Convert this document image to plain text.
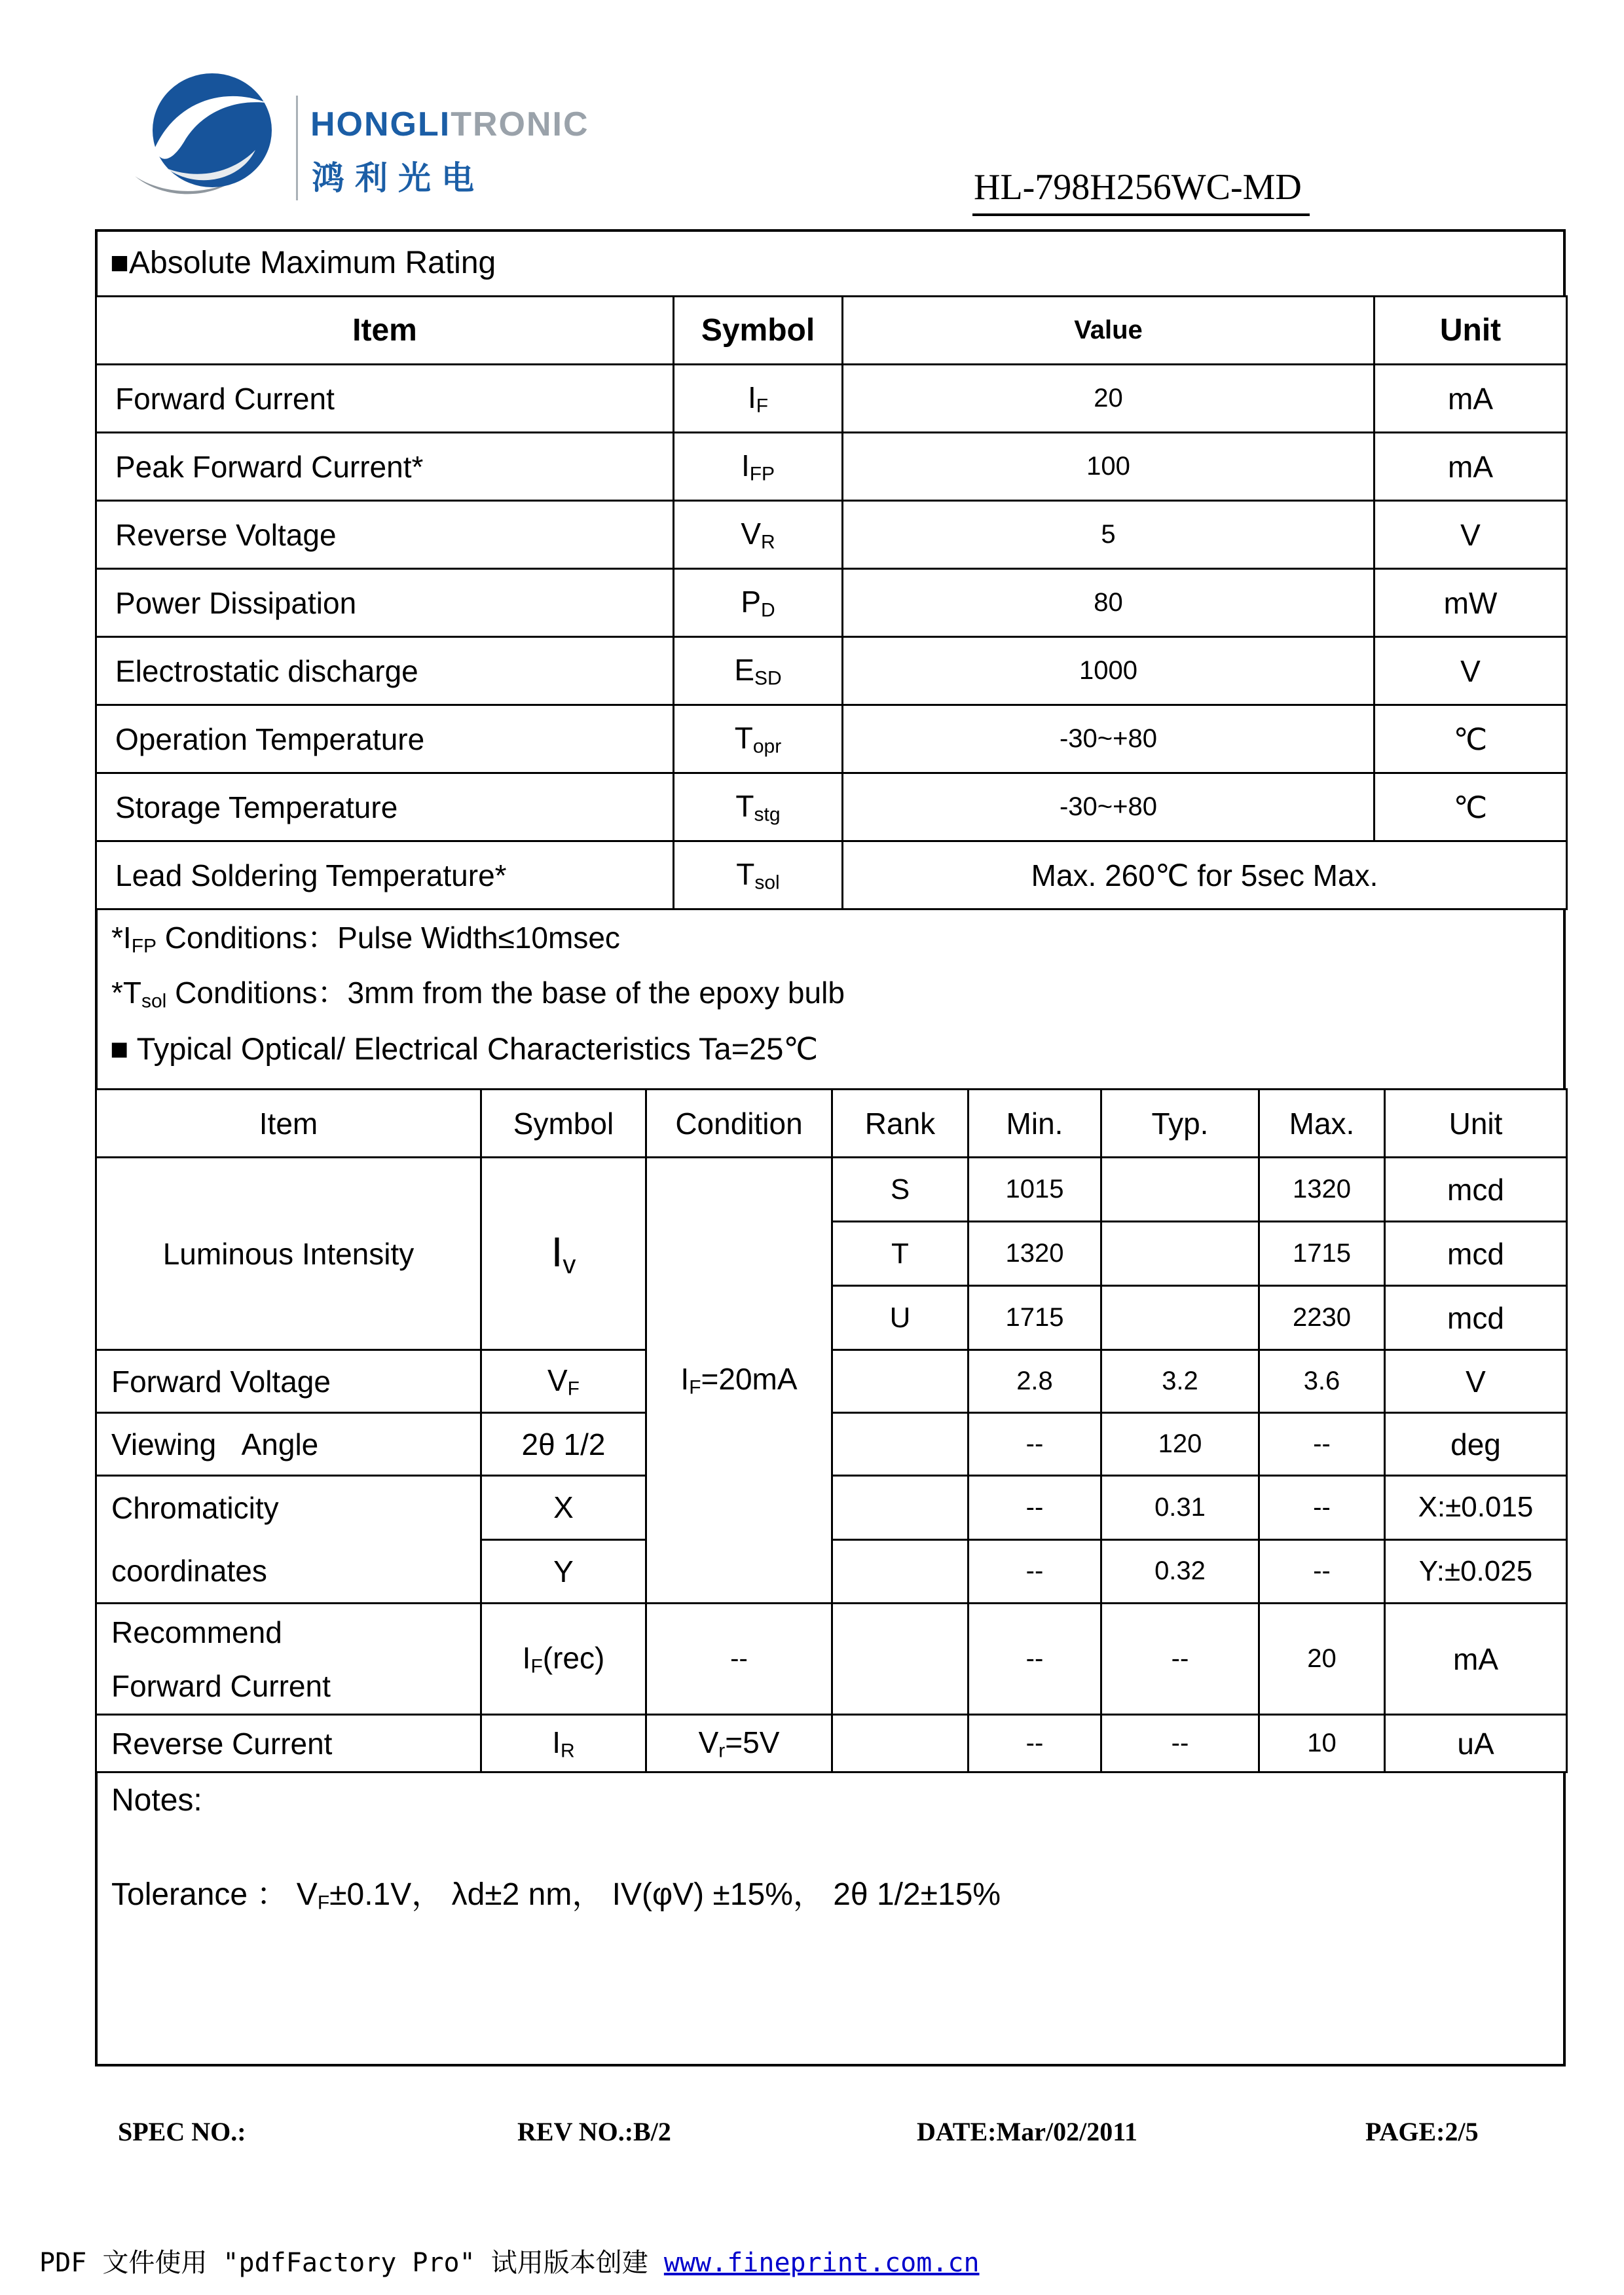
HONGLITRONIC
鸿利光电	HL-798H256WC-MD
■Absolute Maximum Rating
Item	Symbol	Value	Unit
Forward Current	IF	20	mA
Peak Forward Current*	IFP	100	mA
Reverse Voltage	VR	5	V
Power Dissipation	PD	80	mW
Electrostatic discharge	ESD	1000	V
Operation Temperature	Topr	-30~+80	℃
Storage Temperature	Tstg	-30~+80	℃
Lead Soldering Temperature*	Tsol	Max. 260℃ for 5sec Max.	
*IFP Conditions：Pulse Width≤10msec
*Tsol Conditions：3mm from the base of the epoxy bulb
■ Typical Optical/ Electrical Characteristics Ta=25℃
Item	Symbol	Condition	Rank	Min.	Typ.	Max.	Unit
Luminous Intensity	Iv	IF=20mA	S	1015		1320	mcd
			T	1320		1715	mcd
			U	1715		2230	mcd
Forward Voltage	VF			2.8	3.2	3.6	V
Viewing   Angle	2θ 1/2			--	120	--	deg

Chromaticity
coordinates	X			--	0.31	--	X:±0.015
	Y			--	0.32	--	Y:±0.025

Recommend
Forward Current	IF(rec)	--		--	--	20	mA
Reverse Current	IR	Vr=5V		--	--	10	uA
Notes:
Tolerance ： VF±0.1V， λd±2 nm， IV(φV) ±15%， 2θ 1/2±15%
SPEC NO.:	REV NO.:B/2	DATE:Mar/02/2011	PAGE:2/5
PDF 文件使用 "pdfFactory Pro" 试用版本创建 www.fineprint.com.cn
